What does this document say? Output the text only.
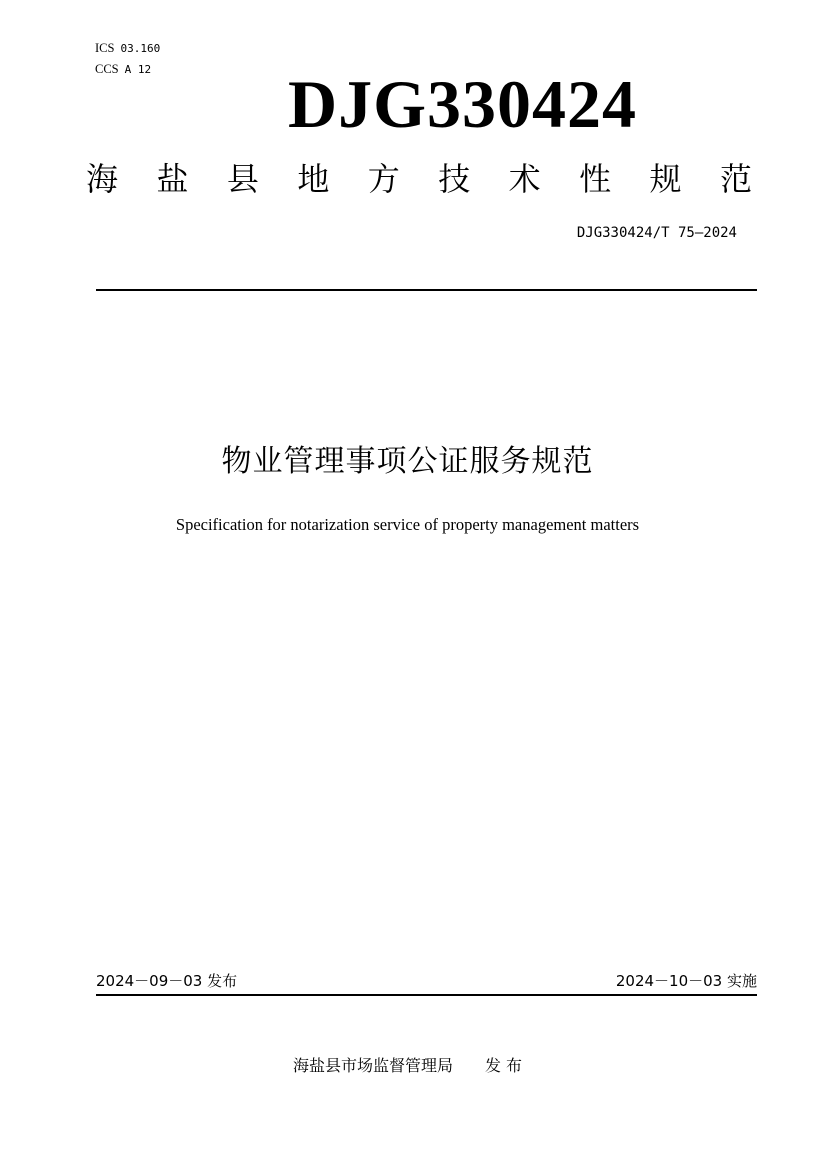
ICS 03.160
CCS A 12 DJG330424
海 盐 县 地 方 技 术 性 规 范
DJG330424/T 75—2024
物业管理事项公证服务规范
Specification for notarization service of property management matters
2024－09－03 发布	2024－10－03 实施
海盐县市场监督管理局 发 布
